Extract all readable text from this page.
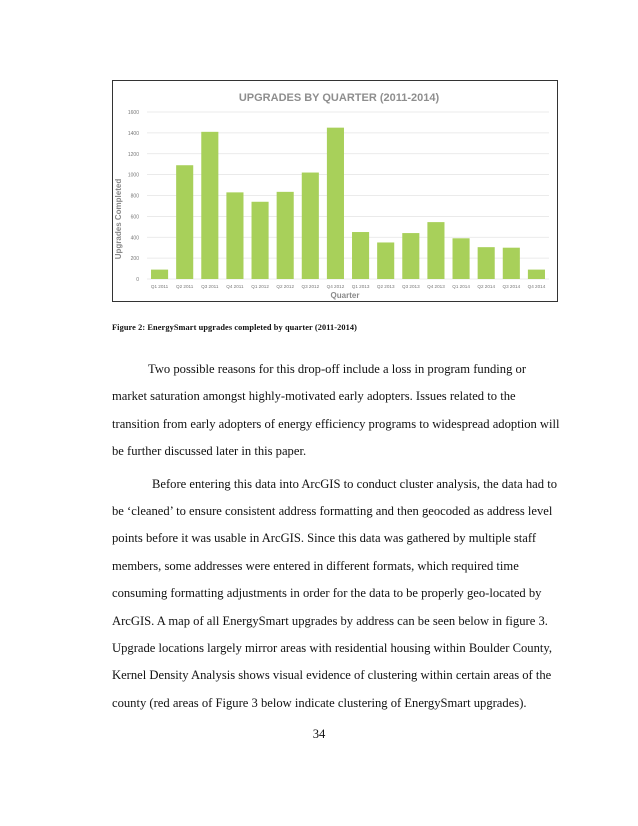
UPGRADES BY QUARTER (2011-2014)
Upgrades Completed
Quarter
0
200
400
600
800
1000
1200
1400
1600
Q1 2011 Q2 2011 Q3 2011 Q4 2011 Q1 2012 Q2 2012 Q3 2012 Q4 2012 Q1 2013 Q2 2013 Q3 2013 Q4 2013 Q1 2014 Q2 2014 Q3 2014 Q4 2014
Figure 2: EnergySmart upgrades completed by quarter (2011-2014)

Two possible reasons for this drop-off include a loss in program funding or market saturation amongst highly-motivated early adopters. Issues related to the transition from early adopters of energy efficiency programs to widespread adoption will be further discussed later in this paper.

Before entering this data into ArcGIS to conduct cluster analysis, the data had to be ‘cleaned’ to ensure consistent address formatting and then geocoded as address level points before it was usable in ArcGIS. Since this data was gathered by multiple staff members, some addresses were entered in different formats, which required time consuming formatting adjustments in order for the data to be properly geo-located by ArcGIS. A map of all EnergySmart upgrades by address can be seen below in figure 3. Upgrade locations largely mirror areas with residential housing within Boulder County, Kernel Density Analysis shows visual evidence of clustering within certain areas of the county (red areas of Figure 3 below indicate clustering of EnergySmart upgrades).

34
